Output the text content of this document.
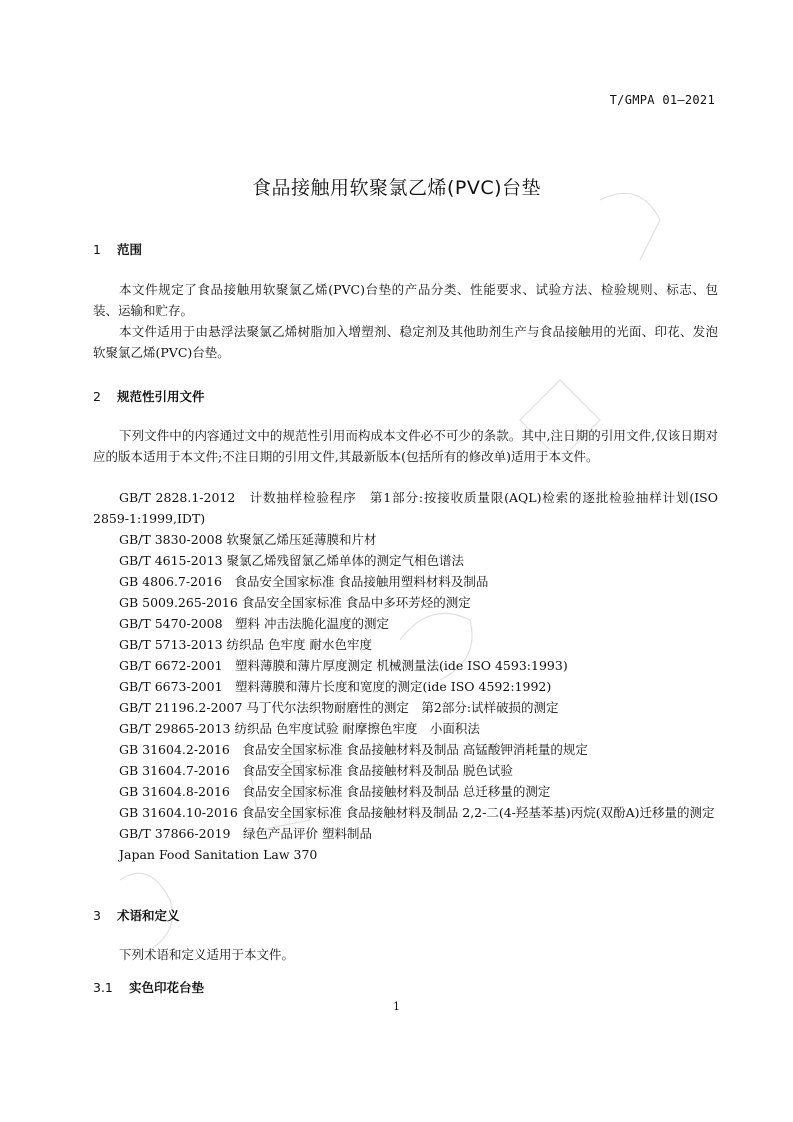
T/GMPA 01—2021
食品接触用软聚氯乙烯(PVC)台垫
1 范围
本文件规定了食品接触用软聚氯乙烯(PVC)台垫的产品分类、性能要求、试验方法、检验规则、标志、包装、运输和贮存。
本文件适用于由悬浮法聚氯乙烯树脂加入增塑剂、稳定剂及其他助剂生产与食品接触用的光面、印花、发泡软聚氯乙烯(PVC)台垫。
2 规范性引用文件
下列文件中的内容通过文中的规范性引用而构成本文件必不可少的条款。其中,注日期的引用文件,仅该日期对应的版本适用于本文件;不注日期的引用文件,其最新版本(包括所有的修改单)适用于本文件。
GB/T 2828.1-2012　计数抽样检验程序　第1部分:按接收质量限(AQL)检索的逐批检验抽样计划(ISO 2859-1:1999,IDT)
GB/T 3830-2008 软聚氯乙烯压延薄膜和片材
GB/T 4615-2013 聚氯乙烯残留氯乙烯单体的测定气相色谱法
GB 4806.7-2016　食品安全国家标准 食品接触用塑料材料及制品
GB 5009.265-2016 食品安全国家标准 食品中多环芳烃的测定
GB/T 5470-2008　塑料 冲击法脆化温度的测定
GB/T 5713-2013 纺织品 色牢度 耐水色牢度
GB/T 6672-2001　塑料薄膜和薄片厚度测定 机械测量法(ide ISO 4593:1993)
GB/T 6673-2001　塑料薄膜和薄片长度和宽度的测定(ide ISO 4592:1992)
GB/T 21196.2-2007 马丁代尔法织物耐磨性的测定　第2部分:试样破损的测定
GB/T 29865-2013 纺织品 色牢度试验 耐摩擦色牢度　小面积法
GB 31604.2-2016　食品安全国家标准 食品接触材料及制品 高锰酸钾消耗量的规定
GB 31604.7-2016　食品安全国家标准 食品接触材料及制品 脱色试验
GB 31604.8-2016　食品安全国家标准 食品接触材料及制品 总迁移量的测定
GB 31604.10-2016 食品安全国家标准 食品接触材料及制品 2,2-二(4-羟基苯基)丙烷(双酚A)迁移量的测定
GB/T 37866-2019　绿色产品评价 塑料制品
Japan Food Sanitation Law 370
3 术语和定义
下列术语和定义适用于本文件。
3.1 实色印花台垫
1
